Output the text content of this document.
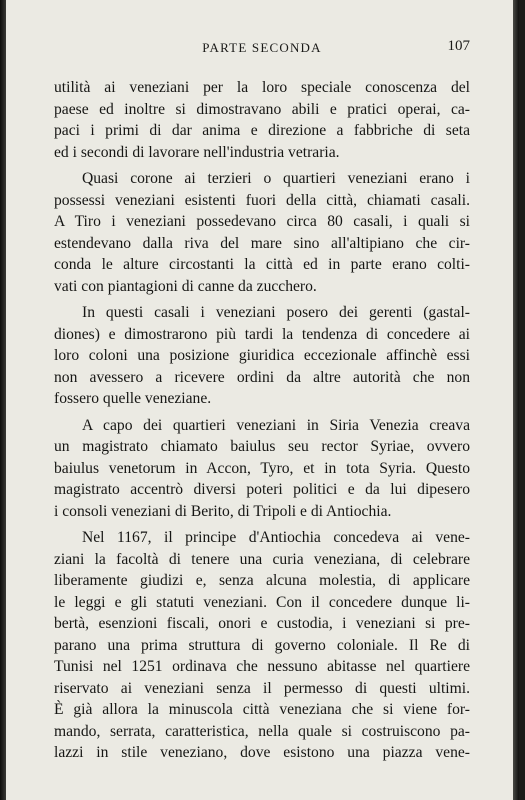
PARTE SECONDA	107

utilità ai veneziani per la loro speciale conoscenza del
paese ed inoltre si dimostravano abili e pratici operai, ca-
paci i primi di dar anima e direzione a fabbriche di seta
ed i secondi di lavorare nell'industria vetraria.

Quasi corone ai terzieri o quartieri veneziani erano i
possessi veneziani esistenti fuori della città, chiamati casali.
A Tiro i veneziani possedevano circa 80 casali, i quali si
estendevano dalla riva del mare sino all'altipiano che cir-
conda le alture circostanti la città ed in parte erano colti-
vati con piantagioni di canne da zucchero.

In questi casali i veneziani posero dei gerenti (gastal-
diones) e dimostrarono più tardi la tendenza di concedere ai
loro coloni una posizione giuridica eccezionale affinchè essi
non avessero a ricevere ordini da altre autorità che non
fossero quelle veneziane.

A capo dei quartieri veneziani in Siria Venezia creava
un magistrato chiamato baiulus seu rector Syriae, ovvero
baiulus venetorum in Accon, Tyro, et in tota Syria. Questo
magistrato accentrò diversi poteri politici e da lui dipesero
i consoli veneziani di Berito, di Tripoli e di Antiochia.

Nel 1167, il principe d'Antiochia concedeva ai vene-
ziani la facoltà di tenere una curia veneziana, di celebrare
liberamente giudizi e, senza alcuna molestia, di applicare
le leggi e gli statuti veneziani. Con il concedere dunque li-
bertà, esenzioni fiscali, onori e custodia, i veneziani si pre-
parano una prima struttura di governo coloniale. Il Re di
Tunisi nel 1251 ordinava che nessuno abitasse nel quartiere
riservato ai veneziani senza il permesso di questi ultimi.
È già allora la minuscola città veneziana che si viene for-
mando, serrata, caratteristica, nella quale si costruiscono pa-
lazzi in stile veneziano, dove esistono una piazza vene-
